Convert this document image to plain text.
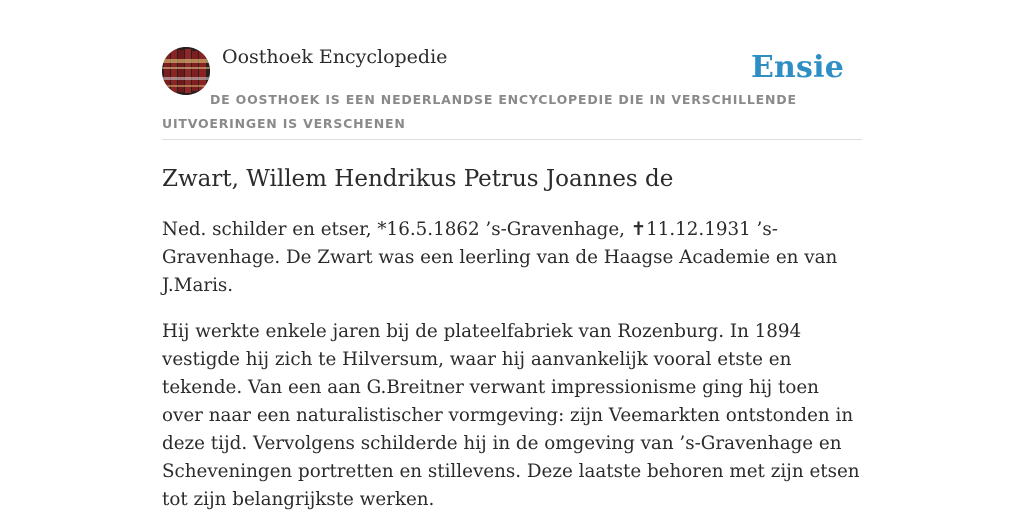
Oosthoek Encyclopedie	Ensie
DE OOSTHOEK IS EEN NEDERLANDSE ENCYCLOPEDIE DIE IN VERSCHILLENDE UITVOERINGEN IS VERSCHENEN
Zwart, Willem Hendrikus Petrus Joannes de

Ned. schilder en etser, *16.5.1862 ’s-Gravenhage, ✝11.12.1931 ’s-Gravenhage. De Zwart was een leerling van de Haagse Academie en van J.Maris.

Hij werkte enkele jaren bij de plateelfabriek van Rozenburg. In 1894 vestigde hij zich te Hilversum, waar hij aanvankelijk vooral etste en tekende. Van een aan G.Breitner verwant impressionisme ging hij toen over naar een naturalistischer vormgeving: zijn Veemarkten ontstonden in deze tijd. Vervolgens schilderde hij in de omgeving van ’s-Gravenhage en Scheveningen portretten en stillevens. Deze laatste behoren met zijn etsen tot zijn belangrijkste werken.
